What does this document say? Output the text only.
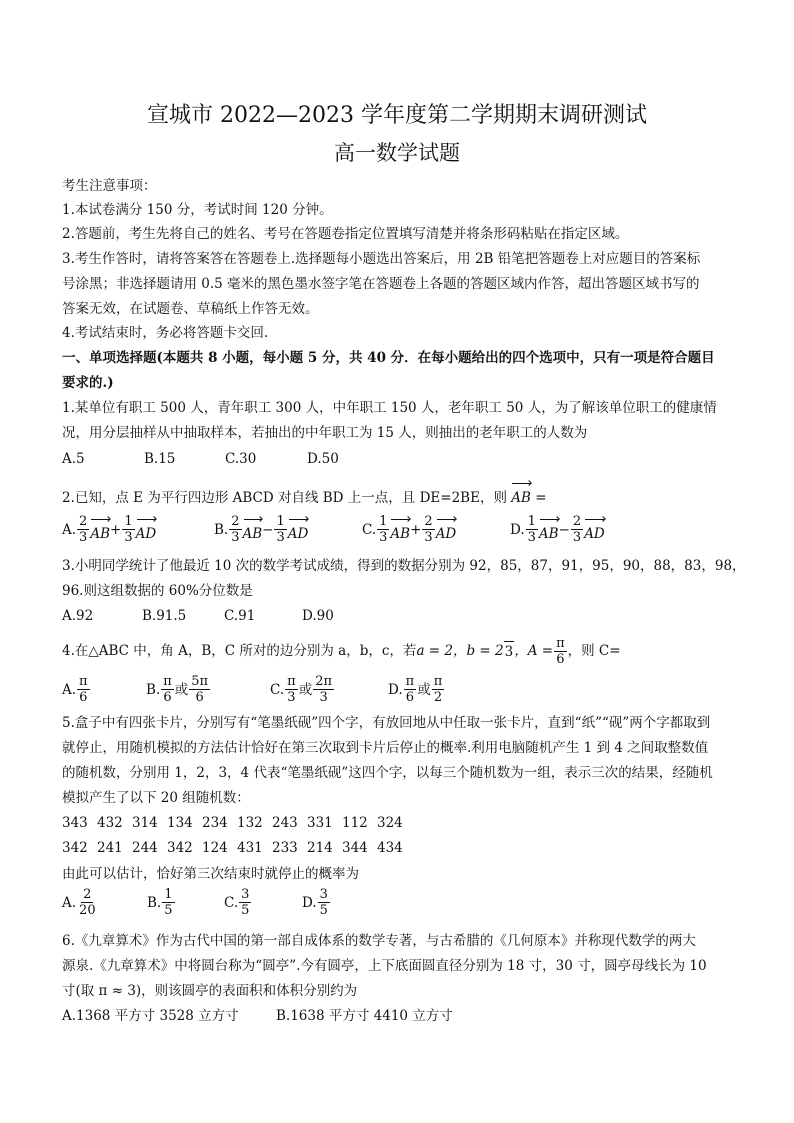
宣城市 2022—2023 学年度第二学期期末调研测试
高一数学试题
考生注意事项：
1.本试卷满分 150 分，考试时间 120 分钟。
2.答题前，考生先将自己的姓名、考号在答题卷指定位置填写清楚并将条形码粘贴在指定区域。
3.考生作答时，请将答案答在答题卷上.选择题每小题选出答案后，用 2B 铅笔把答题卷上对应题目的答案标
号涂黑；非选择题请用 0.5 毫米的黑色墨水签字笔在答题卷上各题的答题区域内作答，超出答题区域书写的
答案无效，在试题卷、草稿纸上作答无效。
4.考试结束时，务必将答题卡交回.
一、单项选择题(本题共 8 小题，每小题 5 分，共 40 分．在每小题给出的四个选项中，只有一项是符合题目
要求的.)
1.某单位有职工 500 人，青年职工 300 人，中年职工 150 人，老年职工 50 人，为了解该单位职工的健康情
况，用分层抽样从中抽取样本，若抽出的中年职工为 15 人，则抽出的老年职工的人数为
A.5	B.15	C.30	D.50
2.已知，点 E 为平行四边形 ABCD 对自线 BD 上一点，且 DE=2BE，则 AB =
A. $\frac{2}{3}$ AB + $\frac{1}{3}$ AD	B. $\frac{2}{3}$ AB − $\frac{1}{3}$ AD	C. $\frac{1}{3}$ AB + $\frac{2}{3}$ AD	D. $\frac{1}{3}$ AB − $\frac{2}{3}$ AD
3.小明同学统计了他最近 10 次的数学考试成绩，得到的数据分别为 92，85，87，91，95，90，88，83，98，
96.则这组数据的 60%分位数是
A.92	B.91.5	C.91	D.90
4.在△ABC 中，角 A，B，C 所对的边分别为 a，b，c，若 a = 2 ，b = 2 3 ，$A = \frac{\pi}{6}$ ，则 C=
A. $\frac{\pi}{6}$	B. $\frac{\pi}{6}$ 或 $\frac{5\pi}{6}$	C. $\frac{\pi}{3}$ 或 $\frac{2\pi}{3}$	D. $\frac{\pi}{6}$ 或 $\frac{\pi}{2}$
5.盒子中有四张卡片，分别写有“笔墨纸砚”四个字，有放回地从中任取一张卡片，直到“纸”“砚”两个字都取到
就停止，用随机模拟的方法估计恰好在第三次取到卡片后停止的概率.利用电脑随机产生 1 到 4 之间取整数值
的随机数，分别用 1，2，3，4 代表“笔墨纸砚”这四个字，以每三个随机数为一组，表示三次的结果，经随机
模拟产生了以下 20 组随机数：
343 432 314 134 234 132 243 331 112 324
342 241 244 342 124 431 233 214 344 434
由此可以估计，恰好第三次结束时就停止的概率为
A. $\frac{2}{20}$	B. $\frac{1}{5}$	C. $\frac{3}{5}$	D. $\frac{3}{5}$
6.《九章算术》作为古代中国的第一部自成体系的数学专著，与古希腊的《几何原本》并称现代数学的两大
源泉.《九章算术》中将圆台称为“圆亭”.今有圆亭，上下底面圆直径分别为 18 寸，30 寸，圆亭母线长为 10
寸(取 π ≈ 3)，则该圆亭的表面积和体积分别约为
A.1368 平方寸 3528 立方寸	B.1638 平方寸 4410 立方寸
